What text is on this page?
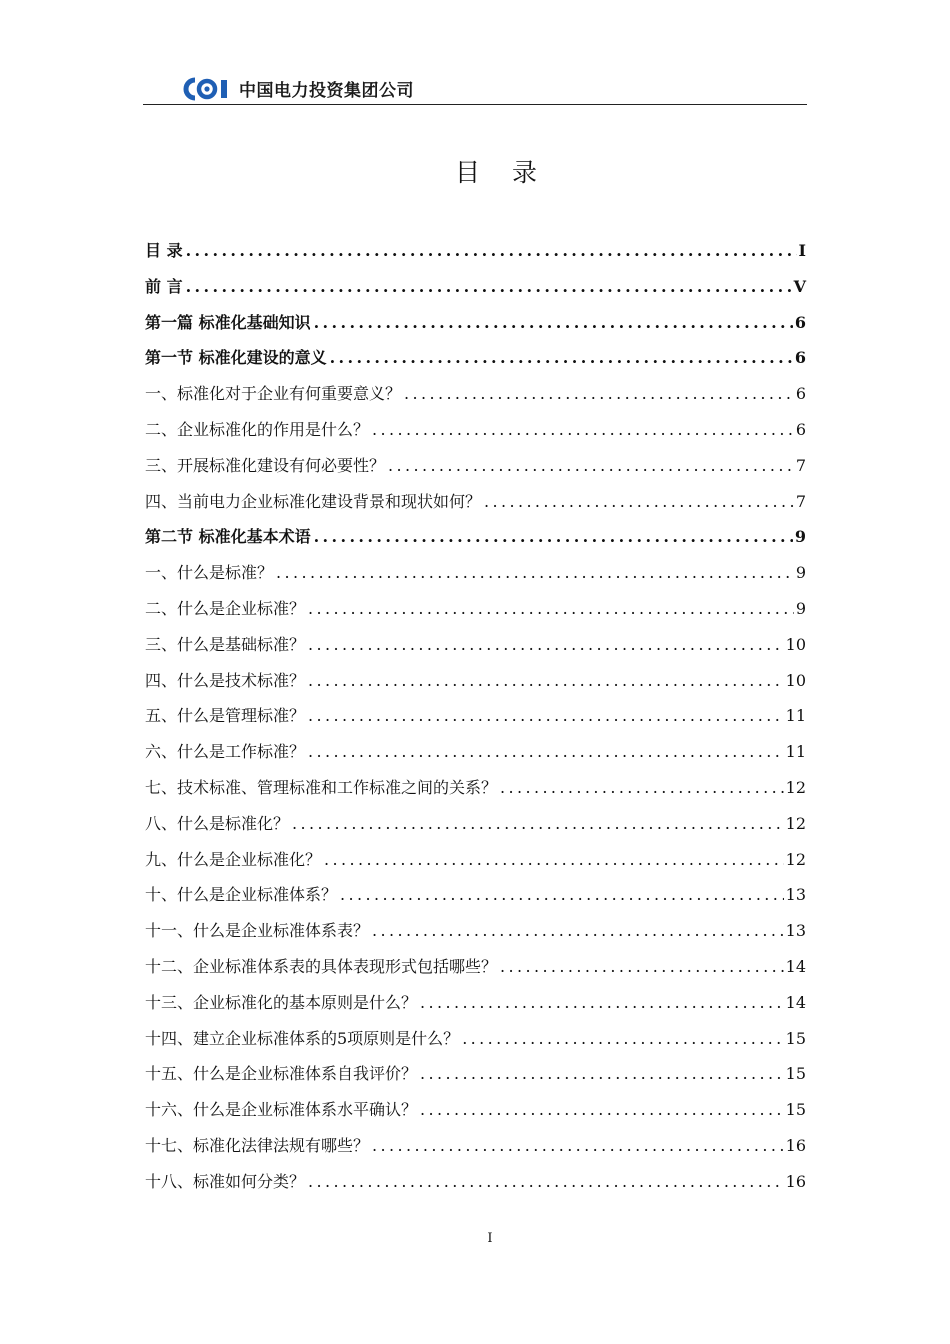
中国电力投资集团公司
目 录
目 录 .....	I
前 言 .....	V
第一篇 标准化基础知识 .....	6
第一节 标准化建设的意义 .....	6
一、标准化对于企业有何重要意义？ .....	6
二、企业标准化的作用是什么？ .....	6
三、开展标准化建设有何必要性？ .....	7
四、当前电力企业标准化建设背景和现状如何？ .....	7
第二节 标准化基本术语 .....	9
一、什么是标准？ .....	9
二、什么是企业标准？ .....	9
三、什么是基础标准？ .....	10
四、什么是技术标准？ .....	10
五、什么是管理标准？ .....	11
六、什么是工作标准？ .....	11
七、技术标准、管理标准和工作标准之间的关系？ .....	12
八、什么是标准化？ .....	12
九、什么是企业标准化？ .....	12
十、什么是企业标准体系？ .....	13
十一、什么是企业标准体系表？ .....	13
十二、企业标准体系表的具体表现形式包括哪些？ .....	14
十三、企业标准化的基本原则是什么？ .....	14
十四、建立企业标准体系的5项原则是什么？ .....	15
十五、什么是企业标准体系自我评价？ .....	15
十六、什么是企业标准体系水平确认？ .....	15
十七、标准化法律法规有哪些？ .....	16
十八、标准如何分类？ .....	16
I
